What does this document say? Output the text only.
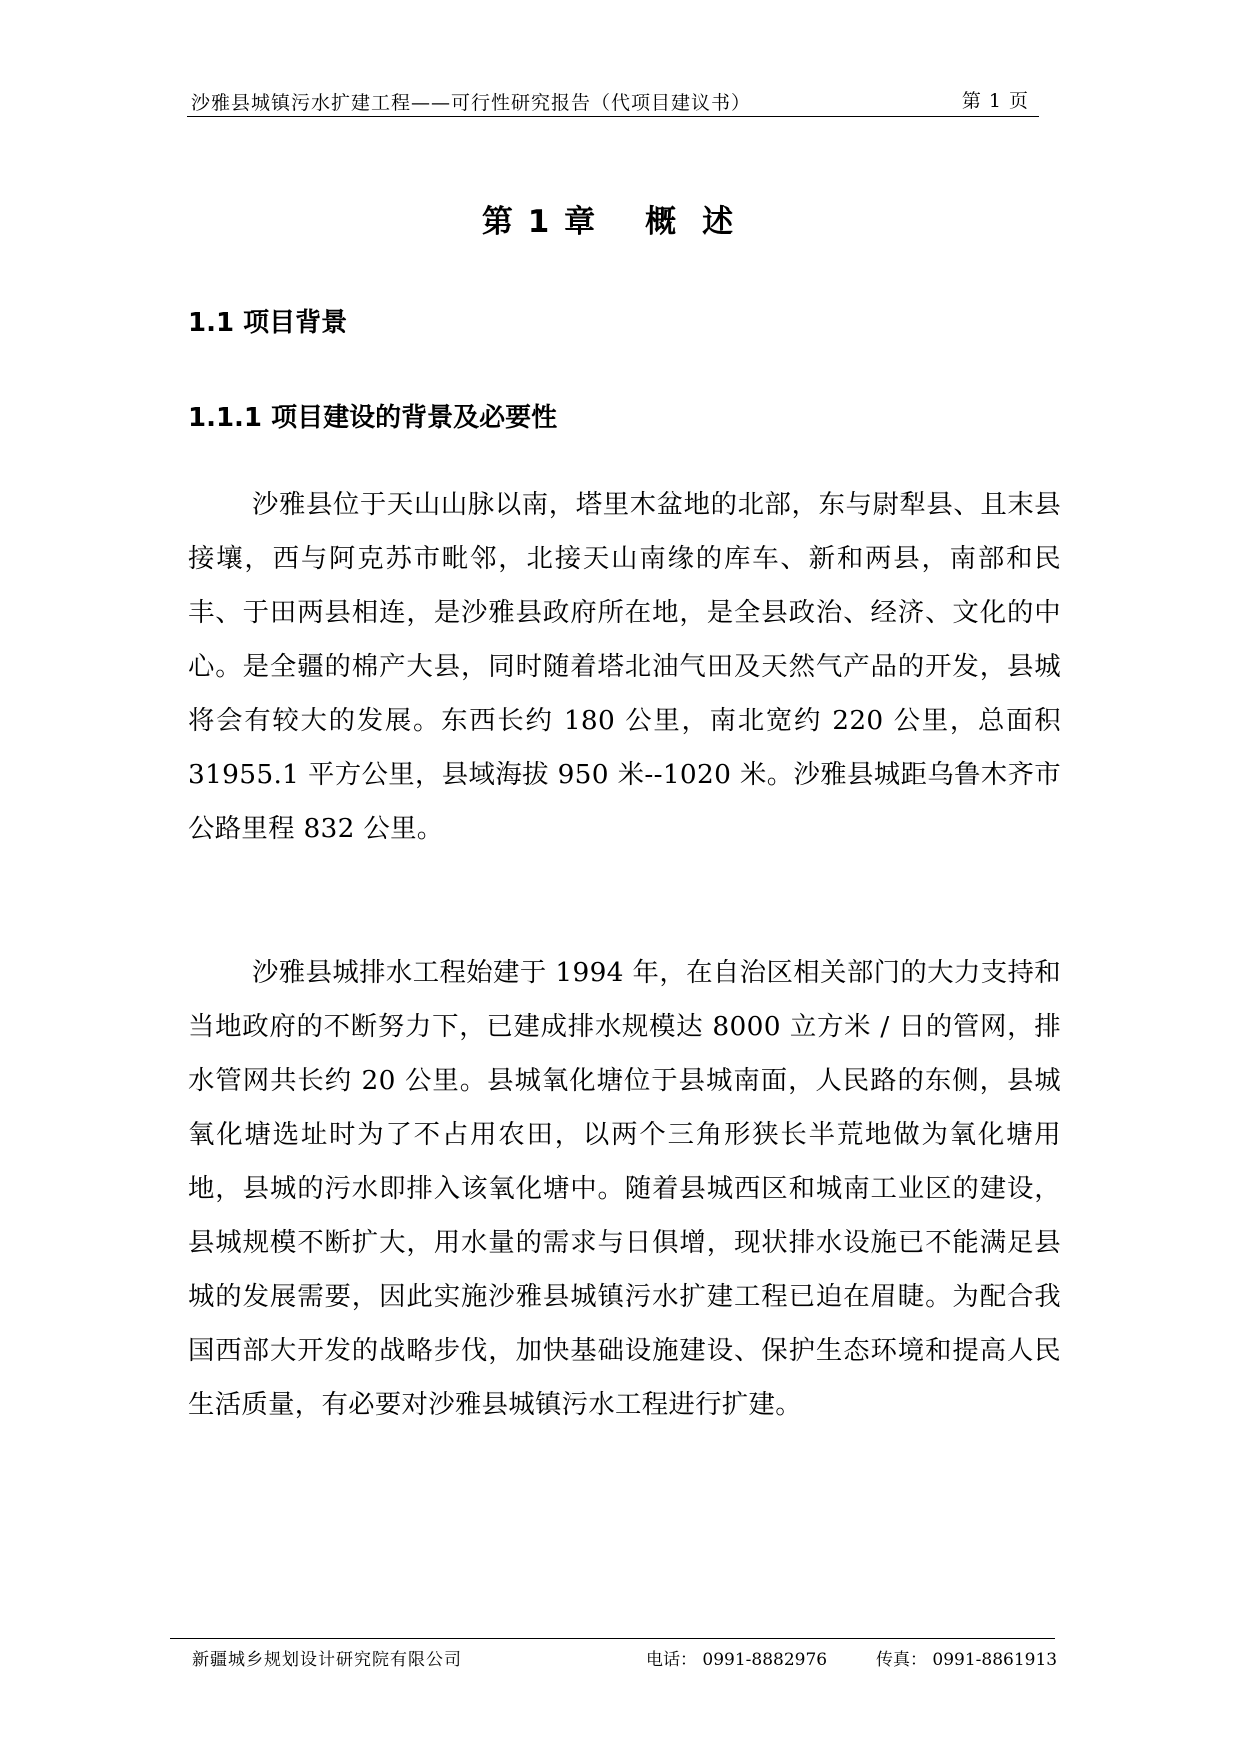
沙雅县城镇污水扩建工程——可行性研究报告（代项目建议书）	第 1 页
第 1 章 概述
1.1 项目背景
1.1.1 项目建设的背景及必要性

沙雅县位于天山山脉以南，塔里木盆地的北部，东与尉犁县、且末县接壤，西与阿克苏市毗邻，北接天山南缘的库车、新和两县，南部和民丰、于田两县相连，是沙雅县政府所在地，是全县政治、经济、文化的中心。是全疆的棉产大县，同时随着塔北油气田及天然气产品的开发，县城将会有较大的发展。东西长约 180 公里，南北宽约 220 公里，总面积 31955.1 平方公里，县域海拔 950 米--1020 米。沙雅县城距乌鲁木齐市公路里程 832 公里。

沙雅县城排水工程始建于 1994 年，在自治区相关部门的大力支持和当地政府的不断努力下，已建成排水规模达 8000 立方米 / 日的管网，排水管网共长约 20 公里。县城氧化塘位于县城南面，人民路的东侧，县城氧化塘选址时为了不占用农田，以两个三角形狭长半荒地做为氧化塘用地，县城的污水即排入该氧化塘中。随着县城西区和城南工业区的建设，县城规模不断扩大，用水量的需求与日俱增，现状排水设施已不能满足县城的发展需要，因此实施沙雅县城镇污水扩建工程已迫在眉睫。为配合我国西部大开发的战略步伐，加快基础设施建设、保护生态环境和提高人民生活质量，有必要对沙雅县城镇污水工程进行扩建。

新疆城乡规划设计研究院有限公司	电话： 0991-8882976	传真： 0991-8861913
